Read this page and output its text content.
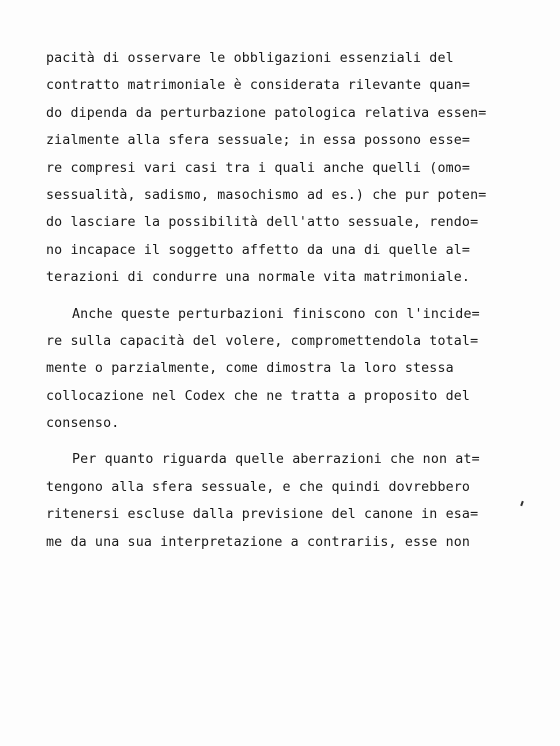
pacità di osservare le obbligazioni essenziali del
contratto matrimoniale è considerata rilevante quan=
do dipenda da perturbazione patologica relativa essen=
zialmente alla sfera sessuale; in essa possono esse=
re compresi vari casi tra i quali anche quelli (omo=
sessualità, sadismo, masochismo ad es.) che pur poten=
do lasciare la possibilità dell'atto sessuale, rendo=
no incapace il soggetto affetto da una di quelle al=
terazioni di condurre una normale vita matrimoniale.
Anche queste perturbazioni finiscono con l'incide=
re sulla capacità del volere, compromettendola total=
mente o parzialmente, come dimostra la loro stessa
collocazione nel Codex che ne tratta a proposito del
consenso.
Per quanto riguarda quelle aberrazioni che non at=
tengono alla sfera sessuale, e che quindi dovrebbero
ritenersi escluse dalla previsione del canone in esa=
me da una sua interpretazione a contrariis, esse non
